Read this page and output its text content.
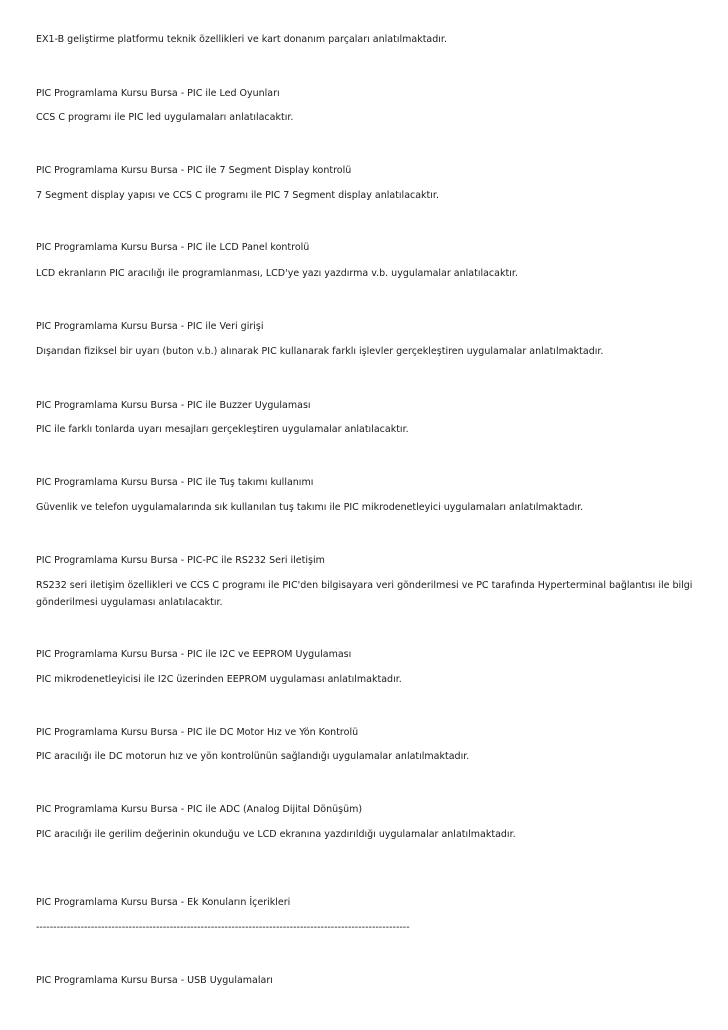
EX1-B geliştirme platformu teknik özellikleri ve kart donanım parçaları anlatılmaktadır.
PIC Programlama Kursu Bursa - PIC ile Led Oyunları
CCS C programı ile PIC led uygulamaları anlatılacaktır.
PIC Programlama Kursu Bursa - PIC ile 7 Segment Display kontrolü
7 Segment display yapısı ve CCS C programı ile PIC 7 Segment display anlatılacaktır.
PIC Programlama Kursu Bursa - PIC ile LCD Panel kontrolü
LCD ekranların PIC aracılığı ile programlanması, LCD'ye yazı yazdırma v.b. uygulamalar anlatılacaktır.
PIC Programlama Kursu Bursa - PIC ile Veri girişi
Dışarıdan fiziksel bir uyarı (buton v.b.) alınarak PIC kullanarak farklı işlevler gerçekleştiren uygulamalar anlatılmaktadır.
PIC Programlama Kursu Bursa - PIC ile Buzzer Uygulaması
PIC ile farklı tonlarda uyarı mesajları gerçekleştiren uygulamalar anlatılacaktır.
PIC Programlama Kursu Bursa - PIC ile Tuş takımı kullanımı
Güvenlik ve telefon uygulamalarında sık kullanılan tuş takımı ile PIC mikrodenetleyici uygulamaları anlatılmaktadır.
PIC Programlama Kursu Bursa - PIC-PC ile RS232 Seri iletişim
RS232 seri iletişim özellikleri ve CCS C programı ile PIC'den bilgisayara veri gönderilmesi ve PC tarafında Hyperterminal bağlantısı ile bilgi gönderilmesi uygulaması anlatılacaktır.
PIC Programlama Kursu Bursa - PIC ile I2C ve EEPROM Uygulaması
PIC mikrodenetleyicisi ile I2C üzerinden EEPROM uygulaması anlatılmaktadır.
PIC Programlama Kursu Bursa - PIC ile DC Motor Hız ve Yön Kontrolü
PIC aracılığı ile DC motorun hız ve yön kontrolünün sağlandığı uygulamalar anlatılmaktadır.
PIC Programlama Kursu Bursa - PIC ile ADC (Analog Dijital Dönüşüm)
PIC aracılığı ile gerilim değerinin okunduğu ve LCD ekranına yazdırıldığı uygulamalar anlatılmaktadır.
PIC Programlama Kursu Bursa - Ek Konuların İçerikleri
-------------------------------------------------------------------------------------------------------------
PIC Programlama Kursu Bursa - USB Uygulamaları
